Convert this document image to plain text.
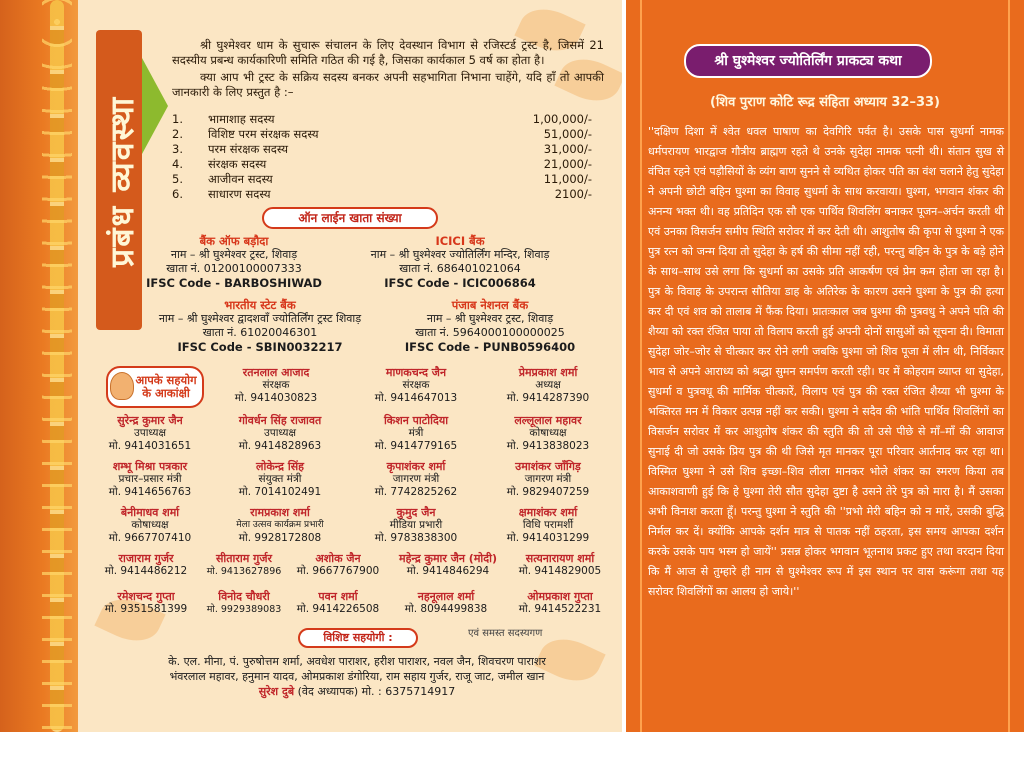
प्रबंध व्यवस्था

श्री घुश्मेश्वर धाम के सुचारू संचालन के लिए देवस्थान विभाग से रजिस्टर्ड ट्रस्ट है, जिसमें 21 सदस्यीय प्रबन्ध कार्यकारिणी समिति गठित की गई है, जिसका कार्यकाल 5 वर्ष का होता है।

क्या आप भी ट्रस्ट के सक्रिय सदस्य बनकर अपनी सहभागिता निभाना चाहेंगे, यदि हाँ तो आपकी जानकारी के लिए प्रस्तुत है :–

1.	भामाशाह सदस्य	1,00,000/-
2.	विशिष्ट परम संरक्षक सदस्य	51,000/-
3.	परम संरक्षक सदस्य	31,000/-
4.	संरक्षक सदस्य	21,000/-
5.	आजीवन सदस्य	11,000/-
6.	साधारण सदस्य	2100/-
ऑन लाईन खाता संख्या
बैंक ऑफ बड़ौदा
नाम – श्री घुश्मेश्वर ट्रस्ट, शिवाड़
खाता नं. 01200100007333
IFSC Code - BARBOSHIWAD
ICICI बैंक
नाम – श्री घुश्मेश्वर ज्योतिर्लिंग मन्दिर, शिवाड़
खाता नं. 686401021064
IFSC Code - ICIC006864
भारतीय स्टेट बैंक
नाम – श्री घुश्मेश्वर द्वादशवाँ ज्योतिर्लिंग ट्रस्ट शिवाड़
खाता नं. 61020046301
IFSC Code - SBIN0032217
पंजाब नेशनल बैंक
नाम – श्री घुश्मेश्वर ट्रस्ट, शिवाड़
खाता नं. 5964000100000025
IFSC Code - PUNB0596400
आपके सहयोग के आकांक्षी
रतनलाल आजाद
संरक्षक
मो. 9414030823
माणकचन्द जैन
संरक्षक
मो. 9414647013
प्रेमप्रकाश शर्मा
अध्यक्ष
मो. 9414287390
सुरेन्द्र कुमार जैन
उपाध्यक्ष
मो. 9414031651
गोवर्धन सिंह राजावत
उपाध्यक्ष
मो. 9414828963
किशन पाटोदिया
मंत्री
मो. 9414779165
लल्लूलाल महावर
कोषाध्यक्ष
मो. 9413838023
शम्भू मिश्रा पत्रकार
प्रचार–प्रसार मंत्री
मो. 9414656763
लोकेन्द्र सिंह
संयुक्त मंत्री
मो. 7014102491
कृपाशंकर शर्मा
जागरण मंत्री
मो. 7742825262
उमाशंकर जाँगिड़
जागरण मंत्री
मो. 9829407259
बेनीमाधव शर्मा
कोषाध्यक्ष
मो. 9667707410
रामप्रकाश शर्मा
मेला उत्सव कार्यक्रम प्रभारी
मो. 9928172808
कुमुद जैन
मीडिया प्रभारी
मो. 9783838300
क्षमाशंकर शर्मा
विधि परामर्शी
मो. 9414031299
राजाराम गुर्जर
मो. 9414486212
सीताराम गुर्जर
मो. 9413627896
अशोक जैन
मो. 9667767900
महेन्द्र कुमार जैन (मोदी)
मो. 9414846294
सत्यनारायण शर्मा
मो. 9414829005
रमेशचन्द गुप्ता
मो. 9351581399
विनोद चौधरी
मो. 9929389083
पवन शर्मा
मो. 9414226508
नहनूलाल शर्मा
मो. 8094499838
ओमप्रकाश गुप्ता
मो. 9414522231
एवं समस्त सदस्यगण
विशिष्ट सहयोगी :
के. एल. मीना, पं. पुरुषोत्तम शर्मा, अवधेश पाराशर, हरीश पाराशर, नवल जैन, शिवचरण पाराशर
भंवरलाल महावर, हनुमान यादव, ओमप्रकाश डंगोरिया, राम सहाय गुर्जर, राजू जाट, जमील खान
सुरेश दुबे (वेद अध्यापक) मो. : 6375714917
श्री घुश्मेश्वर ज्योतिर्लिंग प्राकट्य कथा
(शिव पुराण कोटि रूद्र संहिता अध्याय 32–33)
''दक्षिण दिशा में श्वेत धवल पाषाण का देवगिरि पर्वत है। उसके पास सुधर्मा नामक धर्मपरायण भारद्वाज गौत्रीय ब्राह्मण रहते थे उनके सुदेहा नामक पत्नी थी। संतान सुख से वंचित रहने एवं पड़ौसियों के व्यंग बाण सुनने से व्यथित होकर पति का वंश चलाने हेतु सुदेहा ने अपनी छोटी बहिन घुश्मा का विवाह सुधर्मा के साथ करवाया। घुश्मा, भगवान शंकर की अनन्य भक्त थी। वह प्रतिदिन एक सौ एक पार्थिव शिवलिंग बनाकर पूजन–अर्चन करती थी एवं उनका विसर्जन समीप स्थिति सरोवर में कर देती थी। आशुतोष की कृपा से घुश्मा ने एक पुत्र रत्न को जन्म दिया तो सुदेहा के हर्ष की सीमा नहीं रही, परन्तु बहिन के पुत्र के बड़े होने के साथ–साथ उसे लगा कि सुधर्मा का उसके प्रति आकर्षण एवं प्रेम कम होता जा रहा है। पुत्र के विवाह के उपरान्त सौतिया डाह के अतिरेक के कारण उसने घुश्मा के पुत्र की हत्या कर दी एवं शव को तालाब में फैंक दिया। प्रातःकाल जब घुश्मा की पुत्रवधु ने अपने पति की शैय्या को रक्त रंजित पाया तो विलाप करती हुई अपनी दोनों सासुओं को सूचना दी। विमाता सुदेहा जोर–जोर से चीत्कार कर रोने लगी जबकि घुश्मा जो शिव पूजा में लीन थी, निर्विकार भाव से अपने आराध्य को श्रद्धा सुमन समर्पण करती रही। घर में कोहराम व्याप्त था सुदेहा, सुधर्मा व पुत्रवधू की मार्मिक चीत्कारें, विलाप एवं पुत्र की रक्त रंजित शैय्या भी घुश्मा के भक्तिरत मन में विकार उत्पन्न नहीं कर सकी। घुश्मा ने सदैव की भांति पार्थिव शिवलिंगों का विसर्जन सरोवर में कर आशुतोष शंकर की स्तुति की तो उसे पीछे से माँ–माँ की आवाज सुनाई दी जो उसके प्रिय पुत्र की थी जिसे मृत मानकर पूरा परिवार आर्तनाद कर रहा था। विस्मित घुश्मा ने उसे शिव इच्छा–शिव लीला मानकर भोले शंकर का स्मरण किया तब आकाशवाणी हुई कि हे घुश्मा तेरी सौत सुदेहा दुष्टा है उसने तेरे पुत्र को मारा है। मैं उसका अभी विनाश करता हूँ। परन्तु घुश्मा ने स्तुति की ''प्रभो मेरी बहिन को न मारें, उसकी बुद्धि निर्मल कर दें। क्योंकि आपके दर्शन मात्र से पातक नहीं ठहरता, इस समय आपका दर्शन करके उसके पाप भस्म हो जायें'' प्रसन्न होकर भगवान भूतनाथ प्रकट हुए तथा वरदान दिया कि मैं आज से तुम्हारे ही नाम से घुश्मेश्वर रूप में इस स्थान पर वास करूंगा तथा यह सरोवर शिवलिंगों का आलय हो जाये।''
